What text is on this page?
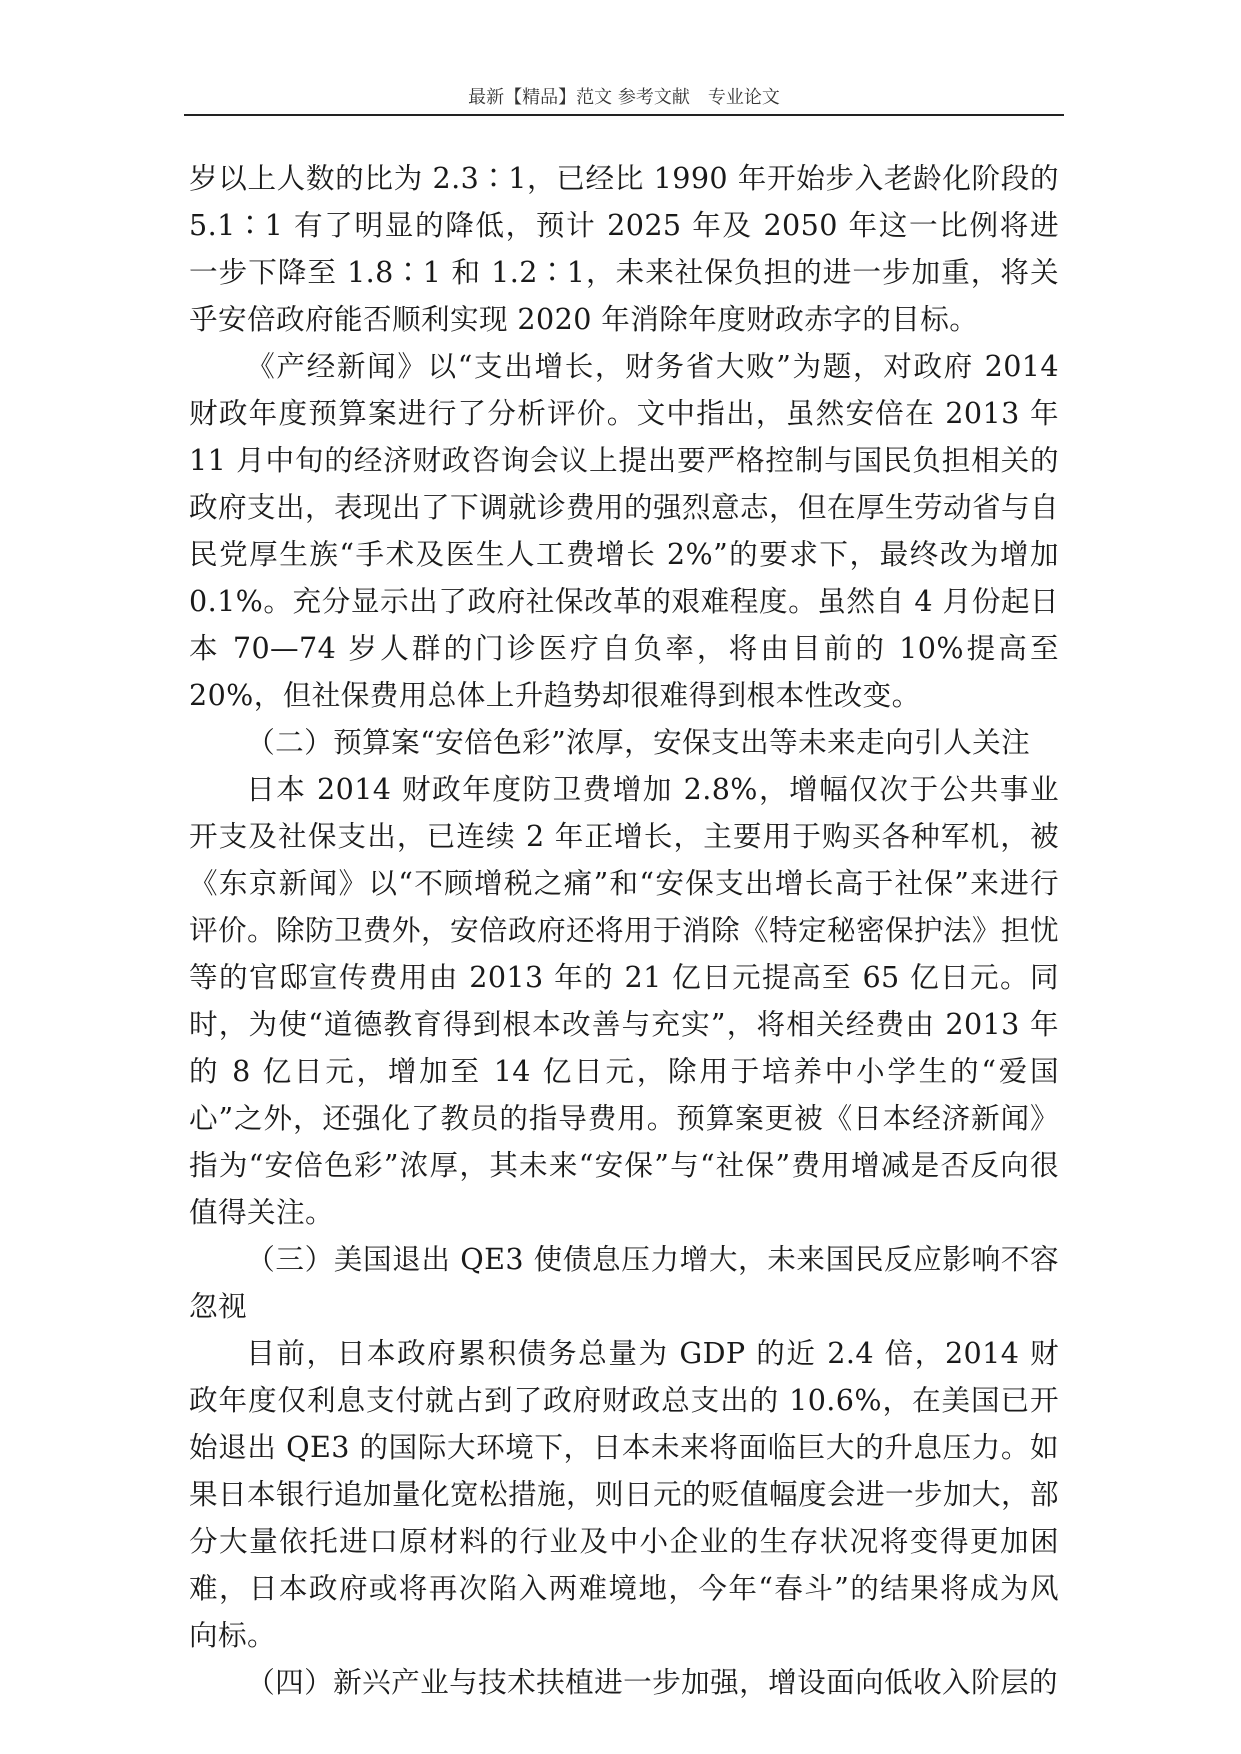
最新【精品】范文 参考文献　专业论文

岁以上人数的比为 2.3∶1，已经比 1990 年开始步入老龄化阶段的 5.1∶1 有了明显的降低，预计 2025 年及 2050 年这一比例将进一步下降至 1.8∶1 和 1.2∶1，未来社保负担的进一步加重，将关乎安倍政府能否顺利实现 2020 年消除年度财政赤字的目标。

《产经新闻》以“支出增长，财务省大败”为题，对政府 2014 财政年度预算案进行了分析评价。文中指出，虽然安倍在 2013 年 11 月中旬的经济财政咨询会议上提出要严格控制与国民负担相关的政府支出，表现出了下调就诊费用的强烈意志，但在厚生劳动省与自民党厚生族“手术及医生人工费增长 2%”的要求下，最终改为增加 0.1%。充分显示出了政府社保改革的艰难程度。虽然自 4 月份起日本 70—74 岁人群的门诊医疗自负率，将由目前的 10%提高至 20%，但社保费用总体上升趋势却很难得到根本性改变。

（二）预算案“安倍色彩”浓厚，安保支出等未来走向引人关注

日本 2014 财政年度防卫费增加 2.8%，增幅仅次于公共事业开支及社保支出，已连续 2 年正增长，主要用于购买各种军机，被《东京新闻》以“不顾增税之痛”和“安保支出增长高于社保”来进行评价。除防卫费外，安倍政府还将用于消除《特定秘密保护法》担忧等的官邸宣传费用由 2013 年的 21 亿日元提高至 65 亿日元。同时，为使“道德教育得到根本改善与充实”，将相关经费由 2013 年的 8 亿日元，增加至 14 亿日元，除用于培养中小学生的“爱国心”之外，还强化了教员的指导费用。预算案更被《日本经济新闻》指为“安倍色彩”浓厚，其未来“安保”与“社保”费用增减是否反向很值得关注。

（三）美国退出 QE3 使债息压力增大，未来国民反应影响不容忽视

目前，日本政府累积债务总量为 GDP 的近 2.4 倍，2014 财政年度仅利息支付就占到了政府财政总支出的 10.6%，在美国已开始退出 QE3 的国际大环境下，日本未来将面临巨大的升息压力。如果日本银行追加量化宽松措施，则日元的贬值幅度会进一步加大，部分大量依托进口原材料的行业及中小企业的生存状况将变得更加困难，日本政府或将再次陷入两难境地，今年“春斗”的结果将成为风向标。

（四）新兴产业与技术扶植进一步加强，增设面向低收入阶层的
